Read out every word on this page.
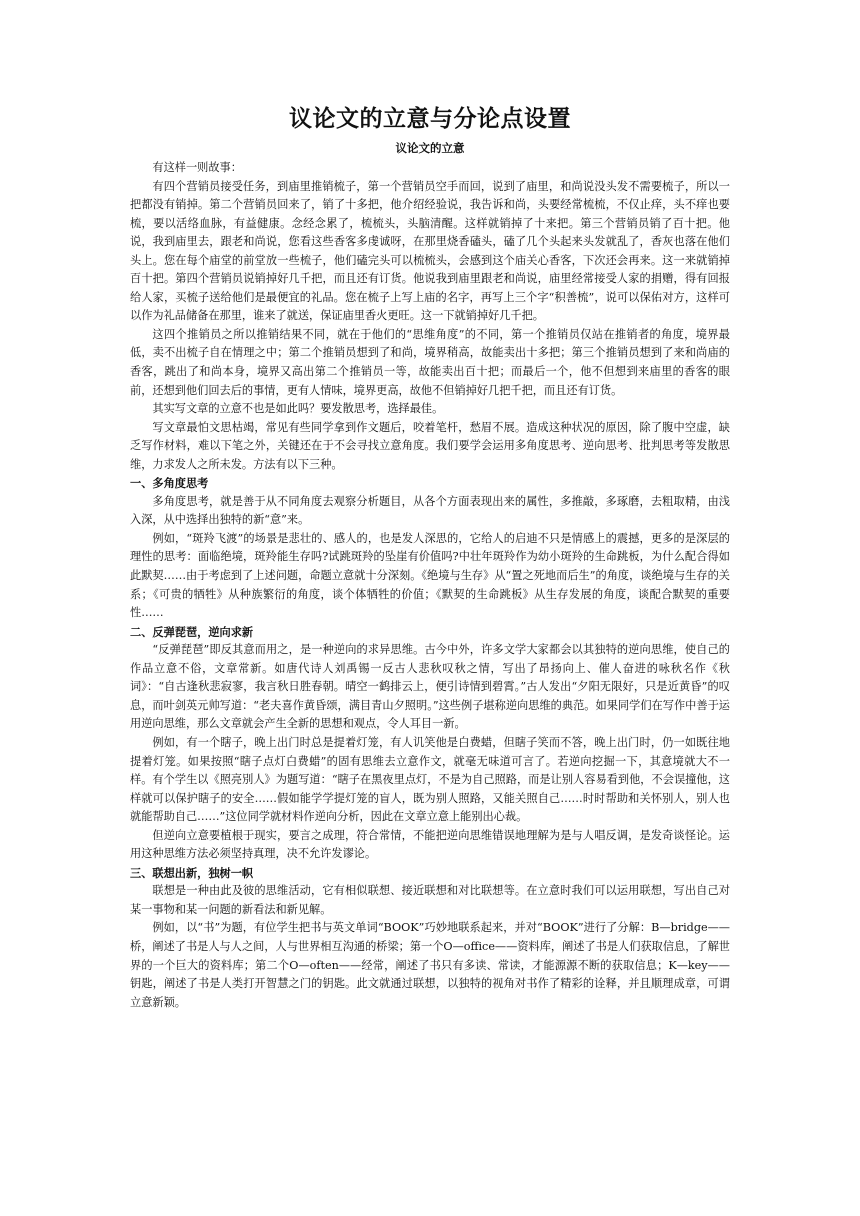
议论文的立意与分论点设置
议论文的立意

有这样一则故事：

有四个营销员接受任务，到庙里推销梳子，第一个营销员空手而回，说到了庙里，和尚说没头发不需要梳子，所以一把都没有销掉。第二个营销员回来了，销了十多把，他介绍经验说，我告诉和尚，头要经常梳梳，不仅止痒，头不痒也要梳，要以活络血脉，有益健康。念经念累了，梳梳头，头脑清醒。这样就销掉了十来把。第三个营销员销了百十把。他说，我到庙里去，跟老和尚说，您看这些香客多虔诚呀，在那里烧香磕头，磕了几个头起来头发就乱了，香灰也落在他们头上。您在每个庙堂的前堂放一些梳子，他们磕完头可以梳梳头，会感到这个庙关心香客，下次还会再来。这一来就销掉百十把。第四个营销员说销掉好几千把，而且还有订货。他说我到庙里跟老和尚说，庙里经常接受人家的捐赠，得有回报给人家，买梳子送给他们是最便宜的礼品。您在梳子上写上庙的名字，再写上三个字“积善梳”，说可以保佑对方，这样可以作为礼品储备在那里，谁来了就送，保证庙里香火更旺。这一下就销掉好几千把。

这四个推销员之所以推销结果不同，就在于他们的“思维角度”的不同，第一个推销员仅站在推销者的角度，境界最低，卖不出梳子自在情理之中；第二个推销员想到了和尚，境界稍高，故能卖出十多把；第三个推销员想到了来和尚庙的香客，跳出了和尚本身，境界又高出第二个推销员一等，故能卖出百十把；而最后一个，他不但想到来庙里的香客的眼前，还想到他们回去后的事情，更有人情味，境界更高，故他不但销掉好几把千把，而且还有订货。

其实写文章的立意不也是如此吗？要发散思考，选择最佳。

写文章最怕文思枯竭，常见有些同学拿到作文题后，咬着笔杆，愁眉不展。造成这种状况的原因，除了腹中空虚，缺乏写作材料，难以下笔之外，关键还在于不会寻找立意角度。我们要学会运用多角度思考、逆向思考、批判思考等发散思维，力求发人之所未发。方法有以下三种。

一、多角度思考

多角度思考，就是善于从不同角度去观察分析题目，从各个方面表现出来的属性，多推敲，多琢磨，去粗取精，由浅入深，从中选择出独特的新“意”来。

例如，“斑羚飞渡”的场景是悲壮的、感人的，也是发人深思的，它给人的启迪不只是情感上的震撼，更多的是深层的理性的思考：面临绝境，斑羚能生存吗?试跳斑羚的坠崖有价值吗?中壮年斑羚作为幼小斑羚的生命跳板，为什么配合得如此默契……由于考虑到了上述问题，命题立意就十分深刻。《绝境与生存》从“置之死地而后生”的角度，谈绝境与生存的关系；《可贵的牺牲》从种族繁衍的角度，谈个体牺牲的价值；《默契的生命跳板》从生存发展的角度，谈配合默契的重要性……

二、反弹琵琶，逆向求新

“反弹琵琶”即反其意而用之，是一种逆向的求异思维。古今中外，许多文学大家都会以其独特的逆向思维，使自己的作品立意不俗，文章常新。如唐代诗人刘禹锡一反古人悲秋叹秋之情，写出了昂扬向上、催人奋进的咏秋名作《秋词》：“自古逢秋悲寂寥，我言秋日胜春朝。晴空一鹤排云上，便引诗情到碧霄。”古人发出“夕阳无限好，只是近黄昏”的叹息，而叶剑英元帅写道：“老夫喜作黄昏颂，满目青山夕照明。”这些例子堪称逆向思维的典范。如果同学们在写作中善于运用逆向思维，那么文章就会产生全新的思想和观点，令人耳目一新。

例如，有一个瞎子，晚上出门时总是提着灯笼，有人讥笑他是白费蜡，但瞎子笑而不答，晚上出门时，仍一如既往地提着灯笼。如果按照“瞎子点灯白费蜡”的固有思维去立意作文，就毫无味道可言了。若逆向挖掘一下，其意境就大不一样。有个学生以《照亮別人》为题写道：“瞎子在黑夜里点灯，不是为自己照路，而是让别人容易看到他，不会误撞他，这样就可以保护瞎子的安全……假如能学学提灯笼的盲人，既为别人照路，又能关照自己……时时帮助和关怀别人，别人也就能帮助自己……”这位同学就材料作逆向分析，因此在文章立意上能别出心裁。

但逆向立意要植根于现实，要言之成理，符合常情，不能把逆向思维错误地理解为是与人唱反调，是发奇谈怪论。运用这种思维方法必须坚持真理，决不允许发谬论。

三、联想出新，独树一帜

联想是一种由此及彼的思维活动，它有相似联想、接近联想和对比联想等。在立意时我们可以运用联想，写出自己对某一事物和某一问题的新看法和新见解。

例如，以“书”为题，有位学生把书与英文单词“BOOK”巧妙地联系起来，并对“BOOK”进行了分解：B—bridge——桥，阐述了书是人与人之间，人与世界相互沟通的桥梁；第一个O—office——资料库，阐述了书是人们获取信息，了解世界的一个巨大的资料库；第二个O—often——经常，阐述了书只有多读、常读，才能源源不断的获取信息；K—key——钥匙，阐述了书是人类打开智慧之门的钥匙。此文就通过联想，以独特的视角对书作了精彩的诠释，并且顺理成章，可谓立意新颖。
